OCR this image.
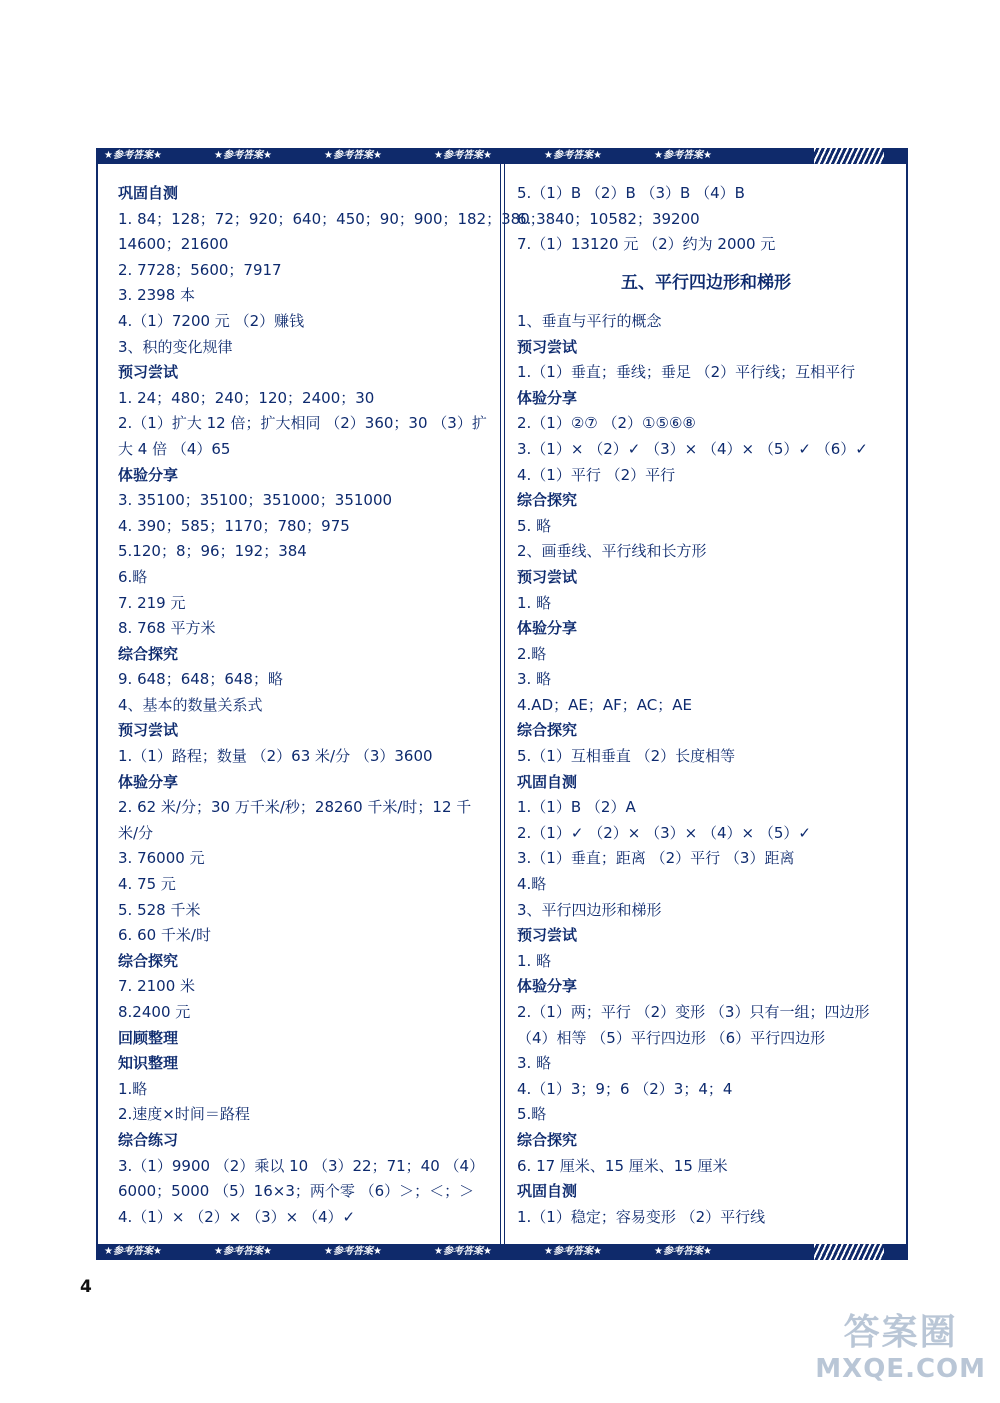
★参考答案★	★参考答案★	★参考答案★	★参考答案★	★参考答案★	★参考答案★
巩固自测
1. 84；128；72；920；640；450；90；900；182；380；
14600；21600
2. 7728；5600；7917
3. 2398 本
4.（1）7200 元 （2）赚钱
3、积的变化规律
预习尝试
1. 24；480；240；120；2400；30
2.（1）扩大 12 倍；扩大相同 （2）360；30 （3）扩
大 4 倍 （4）65
体验分享
3. 35100；35100；351000；351000
4. 390；585；1170；780；975
5.120；8；96；192；384
6.略
7. 219 元
8. 768 平方米
综合探究
9. 648；648；648；略
4、基本的数量关系式
预习尝试
1.（1）路程；数量 （2）63 米/分 （3）3600
体验分享
2. 62 米/分；30 万千米/秒；28260 千米/时；12 千
米/分
3. 76000 元
4. 75 元
5. 528 千米
6. 60 千米/时
综合探究
7. 2100 米
8.2400 元
回顾整理
知识整理
1.略
2.速度×时间＝路程
综合练习
3.（1）9900 （2）乘以 10 （3）22；71；40 （4）
6000；5000 （5）16×3；两个零 （6）＞；＜；＞
4.（1）× （2）× （3）× （4）✓
5.（1）B （2）B （3）B （4）B
6. 3840；10582；39200
7.（1）13120 元 （2）约为 2000 元
五、平行四边形和梯形
1、垂直与平行的概念
预习尝试
1.（1）垂直；垂线；垂足 （2）平行线；互相平行
体验分享
2.（1）②⑦ （2）①⑤⑥⑧
3.（1）× （2）✓ （3）× （4）× （5）✓ （6）✓
4.（1）平行 （2）平行
综合探究
5. 略
2、画垂线、平行线和长方形
预习尝试
1. 略
体验分享
2.略
3. 略
4.AD；AE；AF；AC；AE
综合探究
5.（1）互相垂直 （2）长度相等
巩固自测
1.（1）B （2）A
2.（1）✓ （2）× （3）× （4）× （5）✓
3.（1）垂直；距离 （2）平行 （3）距离
4.略
3、平行四边形和梯形
预习尝试
1. 略
体验分享
2.（1）两；平行 （2）变形 （3）只有一组；四边形
（4）相等 （5）平行四边形 （6）平行四边形
3. 略
4.（1）3；9；6 （2）3；4；4
5.略
综合探究
6. 17 厘米、15 厘米、15 厘米
巩固自测
1.（1）稳定；容易变形 （2）平行线
★参考答案★	★参考答案★	★参考答案★	★参考答案★	★参考答案★	★参考答案★
4
答案圈
MXQE.COM
